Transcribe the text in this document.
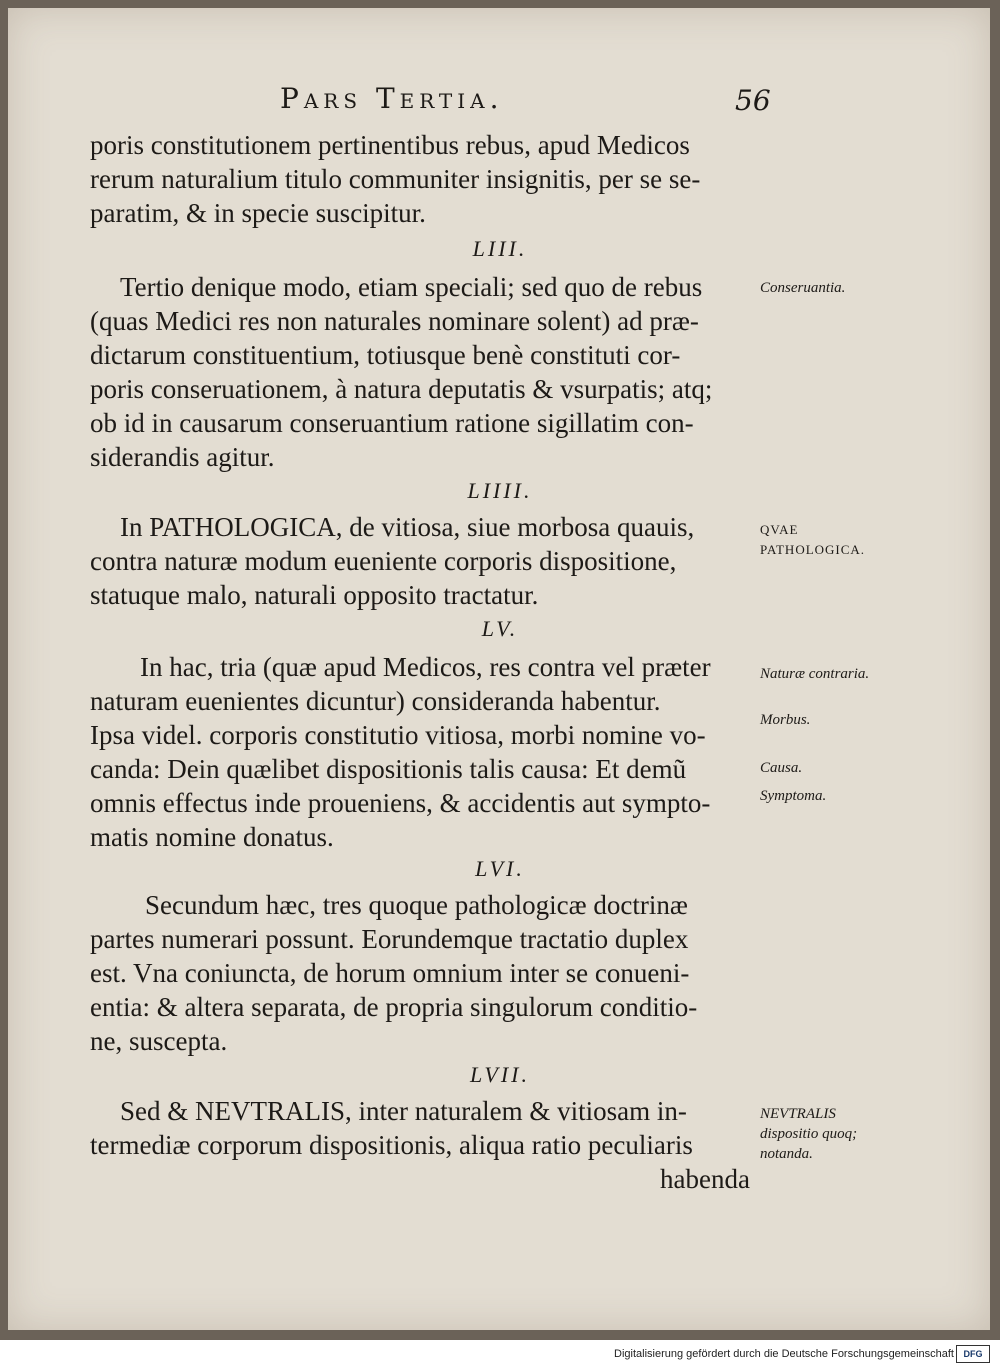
Pars Tertia.	56
poris constitutionem pertinentibus rebus, apud Medicos
rerum naturalium titulo communiter insignitis, per se se-
paratim, & in specie suscipitur.
LIII.
Tertio denique modo, etiam speciali; sed quo de rebus
(quas Medici res non naturales nominare solent) ad præ-
dictarum constituentium, totiusque benè constituti cor-
poris conseruationem, à natura deputatis & vsurpatis; atq;
ob id in causarum conseruantium ratione sigillatim con-
siderandis agitur.
Conseruantia.
LIIII.
In PATHOLOGICA, de vitiosa, siue morbosa quauis,
contra naturæ modum eueniente corporis dispositione,
statuque malo, naturali opposito tractatur.
QVAE PATHOLOGICA.
LV.
In hac, tria (quæ apud Medicos, res contra vel præter
naturam euenientes dicuntur) consideranda habentur.
Ipsa videl. corporis constitutio vitiosa, morbi nomine vo-
canda: Dein quælibet dispositionis talis causa: Et demũ
omnis effectus inde proueniens, & accidentis aut sympto-
matis nomine donatus.
Naturæ contraria.
Morbus.
Causa.
Symptoma.
LVI.
Secundum hæc, tres quoque pathologicæ doctrinæ
partes numerari possunt. Eorundemque tractatio duplex
est. Vna coniuncta, de horum omnium inter se conueni-
entia: & altera separata, de propria singulorum conditio-
ne, suscepta.
LVII.
Sed & NEVTRALIS, inter naturalem & vitiosam in-
termediæ corporum dispositionis, aliqua ratio peculiaris
habenda
NEVTRALIS dispositio quoq; notanda.
Digitalisierung gefördert durch die Deutsche Forschungsgemeinschaft	DFG
